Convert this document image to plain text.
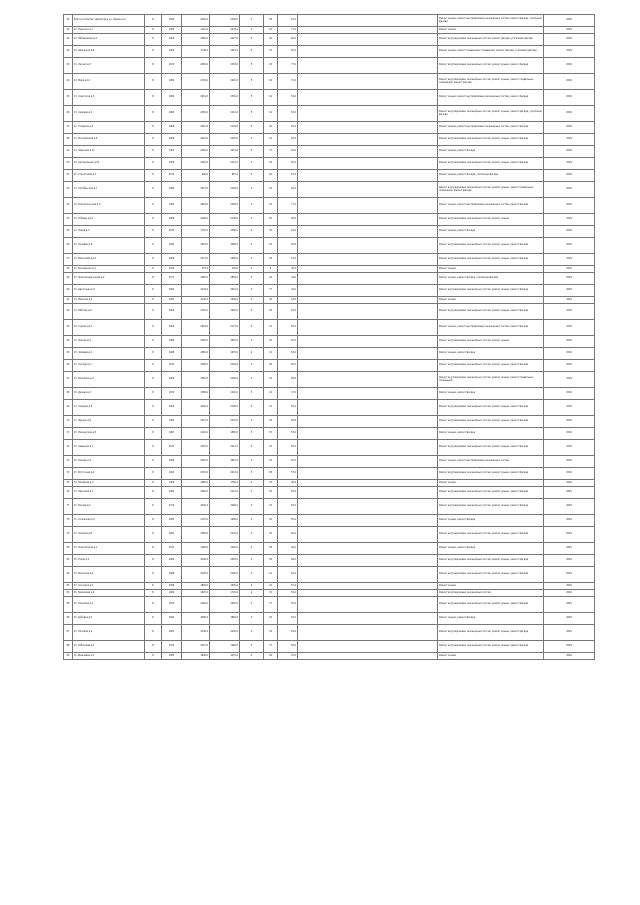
39	Благоустройство территории ул. Ленина д.2	Б	1956	2500,0	2106,5	5	38	63,2		Ремонт крыши, ремонт внутридомовых инженерных систем, ремонт фасада, утепление фасада	2048	
40	Ул. Пушкина д.7	Б	1965	1116,0	1043,0	3	20	71,0		Ремонт крыши	2049	
41	Ул. Набережная д.4	Б	1969	2360,0	2027,0	5	40	60,0		Ремонт внутридомовых инженерных систем, ремонт фасада, утепление фасада	2049	
42	Ул. Школьная д.8	Б	1960	1746,0	1510,0	4	32	65,0		Ремонт крыши, ремонт подвальных помещений, ремонт фасада, утепление фасада	2049	
43	Ул. Лесная д.3	Б	1970	2684,0	2393,0	5	45	77,0		Ремонт внутридомовых инженерных систем, ремонт крыши, ремонт фасада	2049	
44	Ул. Мира д.12	Б	1962	2130,0	1920,0	5	36	71,0		Ремонт внутридомовых инженерных систем, ремонт крыши, ремонт подвальных помещений, ремонт фасада	2049	
45	Ул. Советская д.5	Б	1964	2619,0	2349,0	5	44	54,0		Ремонт крыши, ремонт внутридомовых инженерных систем, ремонт фасада	2049	
46	Ул. Садовая д.1	Б	1963	2450,0	2210,0	5	42	52,0		Ремонт внутридомовых инженерных систем, ремонт крыши, ремонт фасада, утепление фасада	2049	
47	Ул. Гагарина д.9	Б	1968	2416,0	2144,0	5	40	52,0		Ремонт крыши, ремонт внутридомовых инженерных систем, ремонт фасада	2049	
48	Ул. Молодежная д.6	Б	1966	2491,0	2250,0	5	41	64,0		Ремонт внутридомовых инженерных систем, ремонт крыши, ремонт фасада	2049	
49	Ул. Заречная д.11	Б	1967	2200,0	1974,0	5	37	56,0		Ремонт крыши, ремонт фасада	2049	
50	Ул. Центральная д.15	Б	1959	2540,0	2167,0	5	39	65,0		Ремонт внутридомовых инженерных систем, ремонт крыши, ремонт фасада	2049	
51	Ул. Строителей д.2	Б	1970	990,0	887,0	3	18	57,0		Ремонт крыши, ремонт фасада, утепление фасада	2049	
52	Ул. Октябрьская д.7	Б	1969	2557,0	2299,0	5	43	61,0		Ремонт внутридомовых инженерных систем, ремонт крыши, ремонт подвальных помещений, ремонт фасада	2049	
53	Ул. Комсомольская д.4	Б	1965	2601,0	2328,0	5	44	77,0		Ремонт крыши, ремонт внутридомовых инженерных систем, ремонт фасада	2049	
54	Ул. Победы д.10	Б	1968	2400,0	2148,0	5	40	56,0		Ремонт внутридомовых инженерных систем, ремонт крыши	2049	
55	Ул. Новая д.3	Б	1972	1776,0	1590,0	4	30	54,0		Ремонт крыши, ремонт фасада	2049	
56	Ул. Полевая д.8	Б	1961	1653,0	1480,0	4	29	56,0		Ремонт внутридомовых инженерных систем, ремонт крыши, ремонт фасада	2049	
57	Ул. Береговая д.14	Б	1966	2171,0	1985,0	5	38	51,0		Ремонт внутридомовых инженерных систем, ремонт крыши, ремонт фасада	2049	
58	Ул. Вокзальная д.1	Б	1970	475,0	430,0	2	8	30,0		Ремонт крыши	2049	
59	Ул. Железнодорожная д.2	Б	1971	2080,0	1859,0	5	36	44,0		Ремонт крыши, ремонт фасада, утепление фасада	2049	
60	Ул. Цветочная д.5	Б	1964	2224,0	2001,0	5	37	42,0		Ремонт внутридомовых инженерных систем, ремонт крыши, ремонт фасада	2049	
61	Ул. Майская д.3	Б	1967	2130,0	1900,0	5	36	43,0		Ремонт крыши	2049	
62	Ул. Рабочая д.6	Б	1963	2181,0	1950,0	5	36	54,0		Ремонт внутридомовых инженерных систем, ремонт крыши, ремонт фасада	2049	
63	Ул. Горная д.12	Б	1962	2418,0	2174,0	5	41	62,0		Ремонт крыши, ремонт внутридомовых инженерных систем, ремонт фасада	2049	
64	Ул. Кирова д.9	Б	1966	2090,0	1870,0	5	35	50,0		Ремонт внутридомовых инженерных систем, ремонт крыши	2049	
65	Ул. Чапаева д.4	Б	1968	1860,0	1670,0	4	32	52,0		Ремонт крыши, ремонт фасада	2049	
66	Ул. Луговая д.7	Б	1971	2280,0	2044,0	5	38	60,0		Ремонт внутридомовых инженерных систем, ремонт крыши, ремонт фасада	2049	
67	Ул. Калинина д.3	Б	1969	2550,0	2290,0	5	43	58,0		Ремонт внутридомовых инженерных систем, ремонт крыши, ремонт подвальных помещений	2049	
68	Ул. Дачная д.2	Б	1970	1380,0	1240,0	3	24	47,0		Ремонт крыши, ремонт фасада	2049	
69	Ул. Озерная д.8	Б	1964	2440,0	2190,0	5	41	61,0		Ремонт внутридомовых инженерных систем, ремонт крыши, ремонт фасада	2049	
70	Ул. Фрунзе д.6	Б	1965	2310,0	2070,0	5	39	58,0		Ремонт внутридомовых инженерных систем, ремонт крыши, ремонт фасада	2049	
71	Ул. Пионерская д.5	Б	1967	2100,0	1880,0	5	35	53,0		Ремонт крыши, ремонт фасада	2049	
72	Ул. Северная д.1	Б	1972	2470,0	2214,0	5	42	62,0		Ремонт внутридомовых инженерных систем, ремонт крыши, ремонт фасада	2049	
73	Ул. Южная д.4	Б	1968	2020,0	1810,0	5	34	50,0		Ремонт крыши, ремонт внутридомовых инженерных систем	2049	
74	Ул. Восточная д.9	Б	1963	2250,0	2012,0	5	38	57,0		Ремонт внутридомовых инженерных систем, ремонт крыши, ремонт фасада	2049	
75	Ул. Западная д.3	Б	1966	1990,0	1780,0	4	33	49,0		Ремонт крыши	2049	
76	Ул. Парковая д.7	Б	1969	2360,0	2110,0	5	40	59,0		Ремонт внутридомовых инженерных систем, ремонт крыши, ремонт фасада	2049	
77	Ул. Речная д.2	Б	1970	2520,0	2260,0	5	42	63,0		Ремонт внутридомовых инженерных систем, ремонт крыши, ремонт фасада	2049	
78	Ул. Солнечная д.5	Б	1965	2170,0	1940,0	5	36	55,0		Ремонт крыши, ремонт фасада	2049	
79	Ул. Зеленая д.8	Б	1967	2380,0	2130,0	5	40	60,0		Ремонт внутридомовых инженерных систем, ремонт крыши, ремонт фасада	2049	
80	Ул. Энергетиков д.1	Б	1971	1560,0	1400,0	4	28	46,0		Ремонт крыши, ремонт фасада	2049	
81	Ул. Тихая д.3	Б	1964	2290,0	2050,0	5	38	58,0		Ремонт внутридомовых инженерных систем, ремонт крыши, ремонт фасада	2049	
82	Ул. Весенняя д.6	Б	1968	2430,0	2180,0	5	41	62,0		Ремонт внутридомовых инженерных систем, ремонт крыши, ремонт фасада	2049	
83	Ул. Сосновая д.2	Б	1966	1890,0	1690,0	4	32	51,0		Ремонт крыши	2049	
84	Ул. Березовая д.4	Б	1969	1920,0	1720,0	4	32	52,0		Ремонт внутридомовых инженерных систем	2049	
85	Ул. Кленовая д.7	Б	1970	2180,0	1950,0	5	37	55,0		Ремонт внутридомовых инженерных систем, ремонт крыши, ремонт фасада	2049	
86	Ул. Дубовая д.5	Б	1963	2080,0	1860,0	5	35	53,0		Ремонт крыши, ремонт фасада	2049	
87	Ул. Липовая д.9	Б	1967	2340,0	2100,0	5	39	59,0		Ремонт внутридомовых инженерных систем, ремонт крыши, ремонт фасада	2049	
88	Ул. Рябиновая д.1	Б	1972	2210,0	1980,0	5	37	56,0		Ремонт внутридомовых инженерных систем, ремонт крыши, ремонт фасада	2049	
89	Ул. Вишневая д.3	Б	1965	1640,0	1470,0	4	28	47,0		Ремонт крыши	2049	
